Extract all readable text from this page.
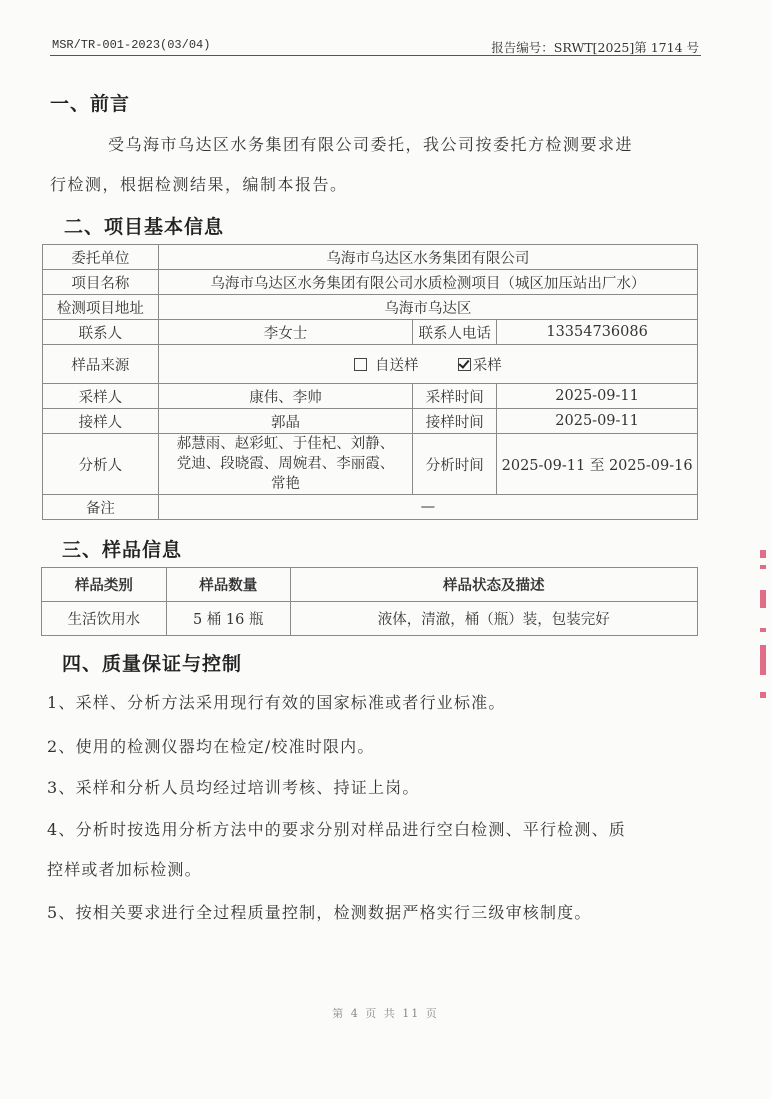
MSR/TR-001-2023(03/04)	报告编号：SRWT[2025]第 1714 号
一、前言
受乌海市乌达区水务集团有限公司委托，我公司按委托方检测要求进
行检测，根据检测结果，编制本报告。
二、项目基本信息
委托单位	乌海市乌达区水务集团有限公司		
项目名称	乌海市乌达区水务集团有限公司水质检测项目（城区加压站出厂水）		
检测项目地址	乌海市乌达区		
联系人	李女士	联系人电话	13354736086
样品来源	自送样 采样		
采样人	康伟、李帅	采样时间	2025-09-11
接样人	郭晶	接样时间	2025-09-11
分析人	郝慧雨、赵彩虹、于佳杞、刘静、
党迪、段晓霞、周婉君、李丽霞、
常艳	分析时间	2025-09-11 至 2025-09-16
备注	—		
三、样品信息
样品类别	样品数量	样品状态及描述
生活饮用水	5 桶 16 瓶	液体，清澈，桶（瓶）装，包装完好
四、质量保证与控制
1、采样、分析方法采用现行有效的国家标准或者行业标准。
2、使用的检测仪器均在检定/校准时限内。
3、采样和分析人员均经过培训考核、持证上岗。
4、分析时按选用分析方法中的要求分别对样品进行空白检测、平行检测、质
控样或者加标检测。
5、按相关要求进行全过程质量控制，检测数据严格实行三级审核制度。
第 4 页 共 11 页
